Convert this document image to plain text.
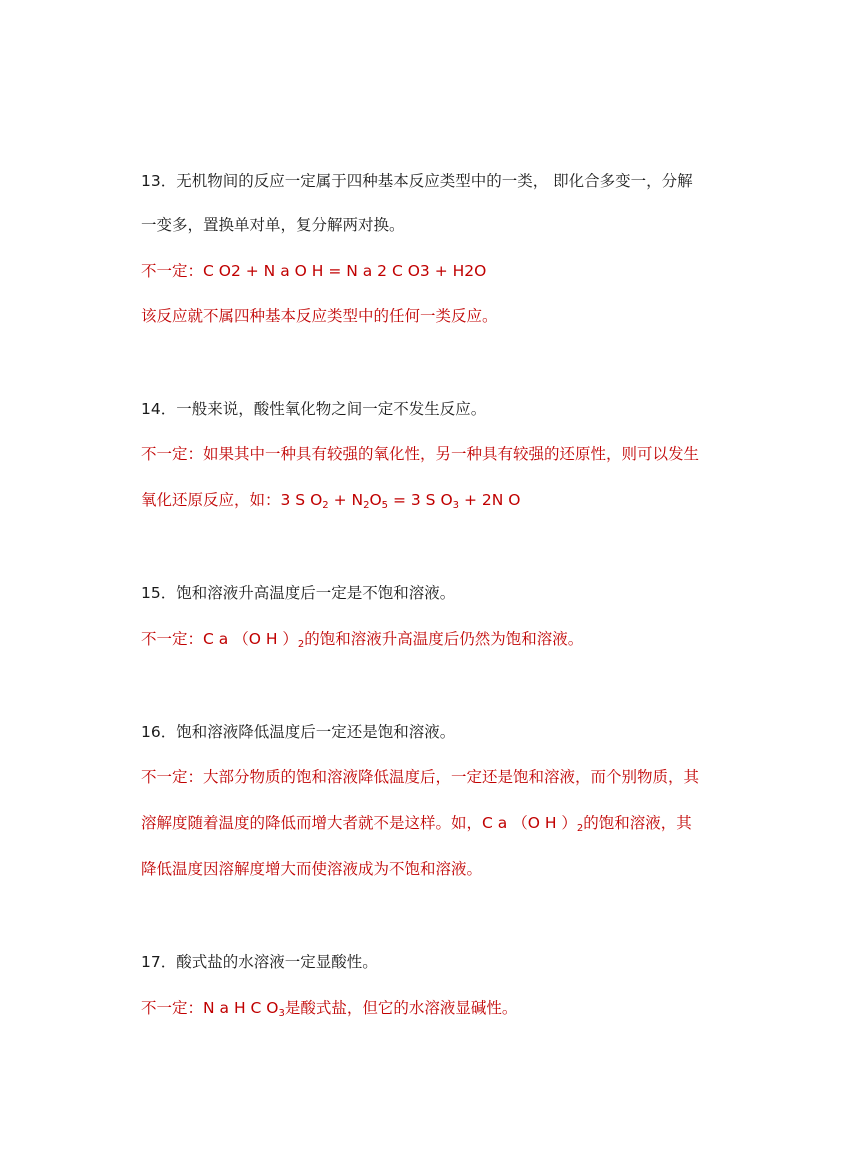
13．无机物间的反应一定属于四种基本反应类型中的一类， 即化合多变一，分解
一变多，置换单对单，复分解两对换。
不一定：C O2 + N a O H = N a 2 C O3 + H2O
该反应就不属四种基本反应类型中的任何一类反应。
14．一般来说，酸性氧化物之间一定不发生反应。
不一定：如果其中一种具有较强的氧化性，另一种具有较强的还原性，则可以发生
氧化还原反应，如：3 S $O_2 + N_2O_5 = 3$ S $O_3 + 2N$ O
15．饱和溶液升高温度后一定是不饱和溶液。
不一定：C a （O H ）$_2$的饱和溶液升高温度后仍然为饱和溶液。
16．饱和溶液降低温度后一定还是饱和溶液。
不一定：大部分物质的饱和溶液降低温度后，一定还是饱和溶液，而个别物质，其
溶解度随着温度的降低而增大者就不是这样。如，C a （O H ）$_2$的饱和溶液，其
降低温度因溶解度增大而使溶液成为不饱和溶液。
17．酸式盐的水溶液一定显酸性。
不一定：N a H C $O_3$是酸式盐，但它的水溶液显碱性。
